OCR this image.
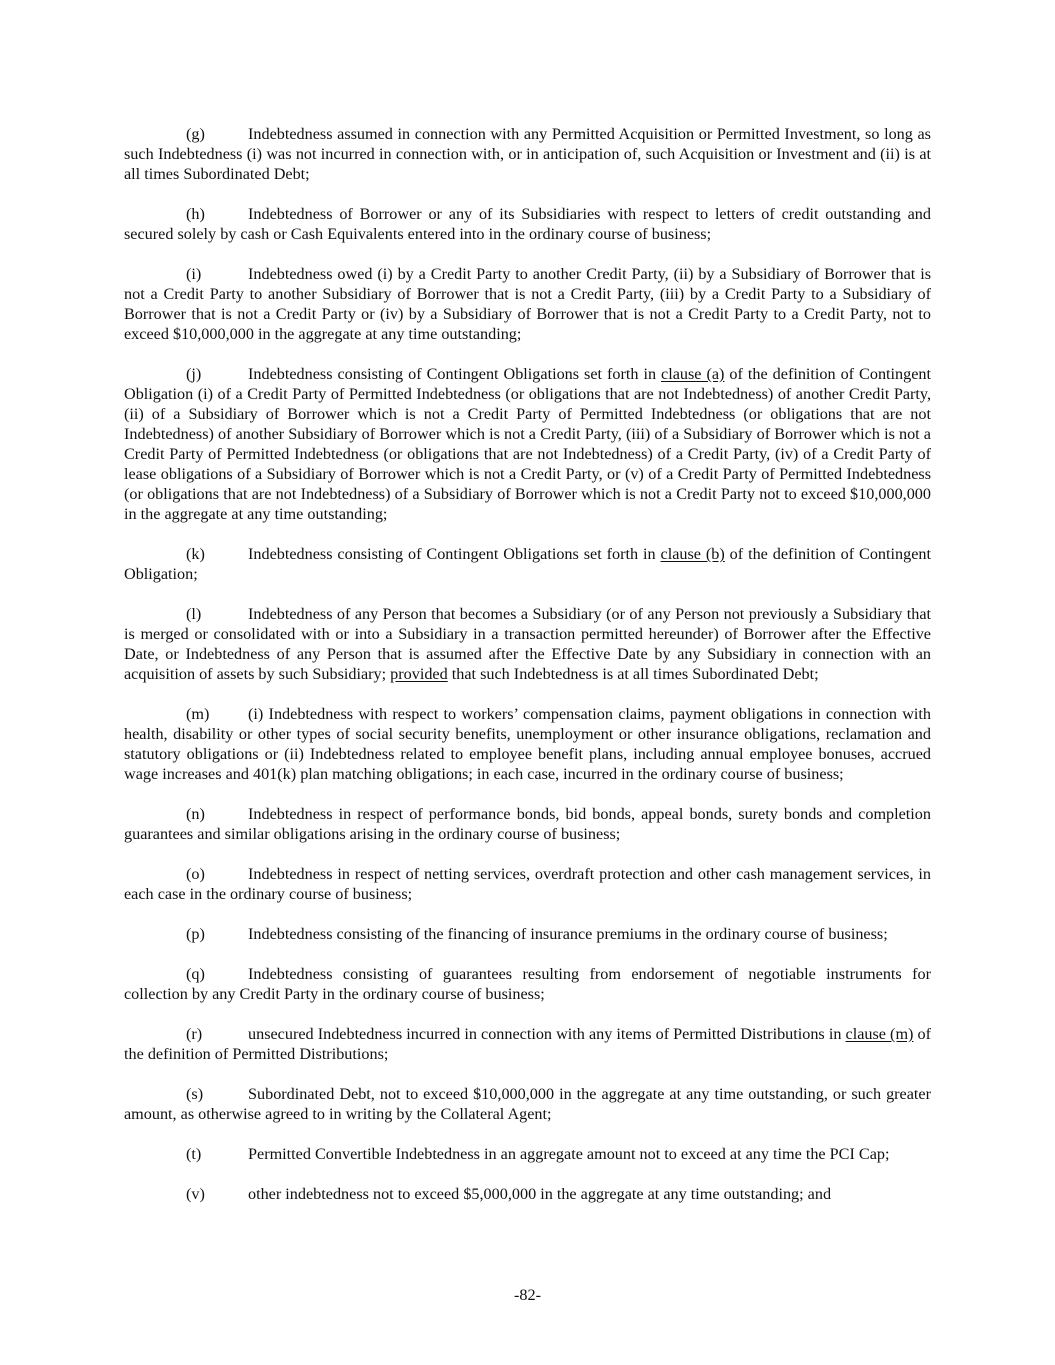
(g)	Indebtedness assumed in connection with any Permitted Acquisition or Permitted Investment, so long as such Indebtedness (i) was not incurred in connection with, or in anticipation of, such Acquisition or Investment and (ii) is at all times Subordinated Debt;

(h)	Indebtedness of Borrower or any of its Subsidiaries with respect to letters of credit outstanding and secured solely by cash or Cash Equivalents entered into in the ordinary course of business;

(i)	Indebtedness owed (i) by a Credit Party to another Credit Party, (ii) by a Subsidiary of Borrower that is not a Credit Party to another Subsidiary of Borrower that is not a Credit Party, (iii) by a Credit Party to a Subsidiary of Borrower that is not a Credit Party or (iv) by a Subsidiary of Borrower that is not a Credit Party to a Credit Party, not to exceed $10,000,000 in the aggregate at any time outstanding;

(j)	Indebtedness consisting of Contingent Obligations set forth in clause (a) of the definition of Contingent Obligation (i) of a Credit Party of Permitted Indebtedness (or obligations that are not Indebtedness) of another Credit Party, (ii) of a Subsidiary of Borrower which is not a Credit Party of Permitted Indebtedness (or obligations that are not Indebtedness) of another Subsidiary of Borrower which is not a Credit Party, (iii) of a Subsidiary of Borrower which is not a Credit Party of Permitted Indebtedness (or obligations that are not Indebtedness) of a Credit Party, (iv) of a Credit Party of lease obligations of a Subsidiary of Borrower which is not a Credit Party, or (v) of a Credit Party of Permitted Indebtedness (or obligations that are not Indebtedness) of a Subsidiary of Borrower which is not a Credit Party not to exceed $10,000,000 in the aggregate at any time outstanding;

(k)	Indebtedness consisting of Contingent Obligations set forth in clause (b) of the definition of Contingent Obligation;

(l)	Indebtedness of any Person that becomes a Subsidiary (or of any Person not previously a Subsidiary that is merged or consolidated with or into a Subsidiary in a transaction permitted hereunder) of Borrower after the Effective Date, or Indebtedness of any Person that is assumed after the Effective Date by any Subsidiary in connection with an acquisition of assets by such Subsidiary; provided that such Indebtedness is at all times Subordinated Debt;

(m) (i) Indebtedness with respect to workers’ compensation claims, payment obligations in connection with health, disability or other types of social security benefits, unemployment or other insurance obligations, reclamation and statutory obligations or (ii) Indebtedness related to employee benefit plans, including annual employee bonuses, accrued wage increases and 401(k) plan matching obligations; in each case, incurred in the ordinary course of business;

(n)	Indebtedness in respect of performance bonds, bid bonds, appeal bonds, surety bonds and completion guarantees and similar obligations arising in the ordinary course of business;

(o)	Indebtedness in respect of netting services, overdraft protection and other cash management services, in each case in the ordinary course of business;

(p)	Indebtedness consisting of the financing of insurance premiums in the ordinary course of business;

(q)	Indebtedness consisting of guarantees resulting from endorsement of negotiable instruments for collection by any Credit Party in the ordinary course of business;

(r)	unsecured Indebtedness incurred in connection with any items of Permitted Distributions in clause (m) of the definition of Permitted Distributions;

(s)	Subordinated Debt, not to exceed $10,000,000 in the aggregate at any time outstanding, or such greater amount, as otherwise agreed to in writing by the Collateral Agent;

(t)	Permitted Convertible Indebtedness in an aggregate amount not to exceed at any time the PCI Cap;

(v)	other indebtedness not to exceed $5,000,000 in the aggregate at any time outstanding; and

-82-
